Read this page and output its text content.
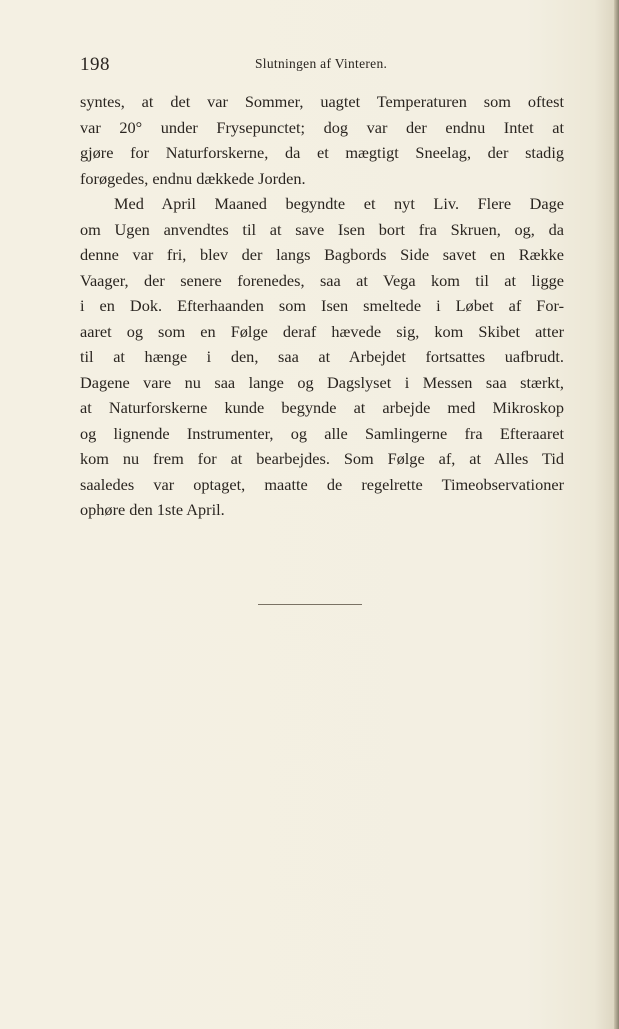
198	Slutningen af Vinteren.
syntes, at det var Sommer, uagtet Temperaturen som oftest
var 20° under Frysepunctet; dog var der endnu Intet at
gjøre for Naturforskerne, da et mægtigt Sneelag, der stadig
forøgedes, endnu dækkede Jorden.
Med April Maaned begyndte et nyt Liv. Flere Dage
om Ugen anvendtes til at save Isen bort fra Skruen, og, da
denne var fri, blev der langs Bagbords Side savet en Række
Vaager, der senere forenedes, saa at Vega kom til at ligge
i en Dok. Efterhaanden som Isen smeltede i Løbet af For-
aaret og som en Følge deraf hævede sig, kom Skibet atter
til at hænge i den, saa at Arbejdet fortsattes uafbrudt.
Dagene vare nu saa lange og Dagslyset i Messen saa stærkt,
at Naturforskerne kunde begynde at arbejde med Mikroskop
og lignende Instrumenter, og alle Samlingerne fra Efteraaret
kom nu frem for at bearbejdes. Som Følge af, at Alles Tid
saaledes var optaget, maatte de regelrette Timeobservationer
ophøre den 1ste April.
